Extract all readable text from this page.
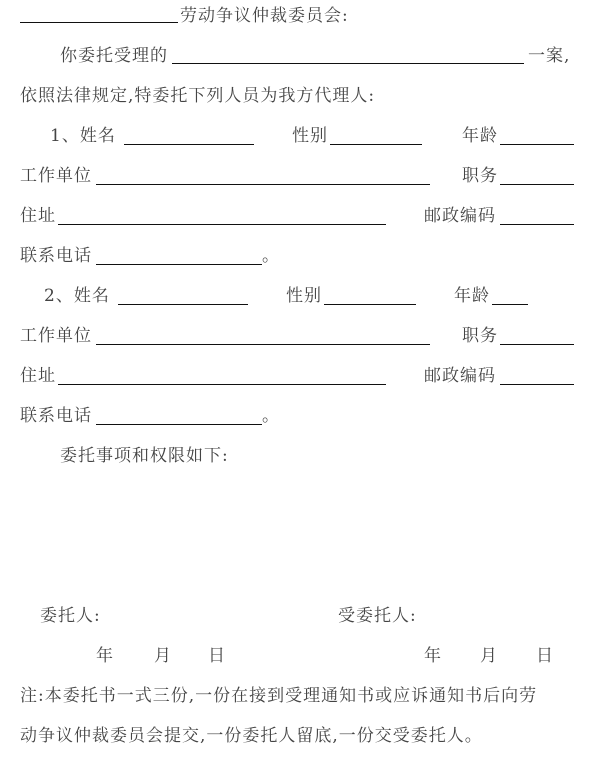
劳动争议仲裁委员会:
你委托受理的	一案,
依照法律规定,特委托下列人员为我方代理人:
1、姓名	性别	年龄
工作单位	职务
住址	邮政编码
联系电话	。
2、姓名	性别	年龄
工作单位	职务
住址	邮政编码
联系电话	。
委托事项和权限如下:
委托人:	受委托人:
年 月 日	年 月 日
注:本委托书一式三份,一份在接到受理通知书或应诉通知书后向劳
动争议仲裁委员会提交,一份委托人留底,一份交受委托人。
